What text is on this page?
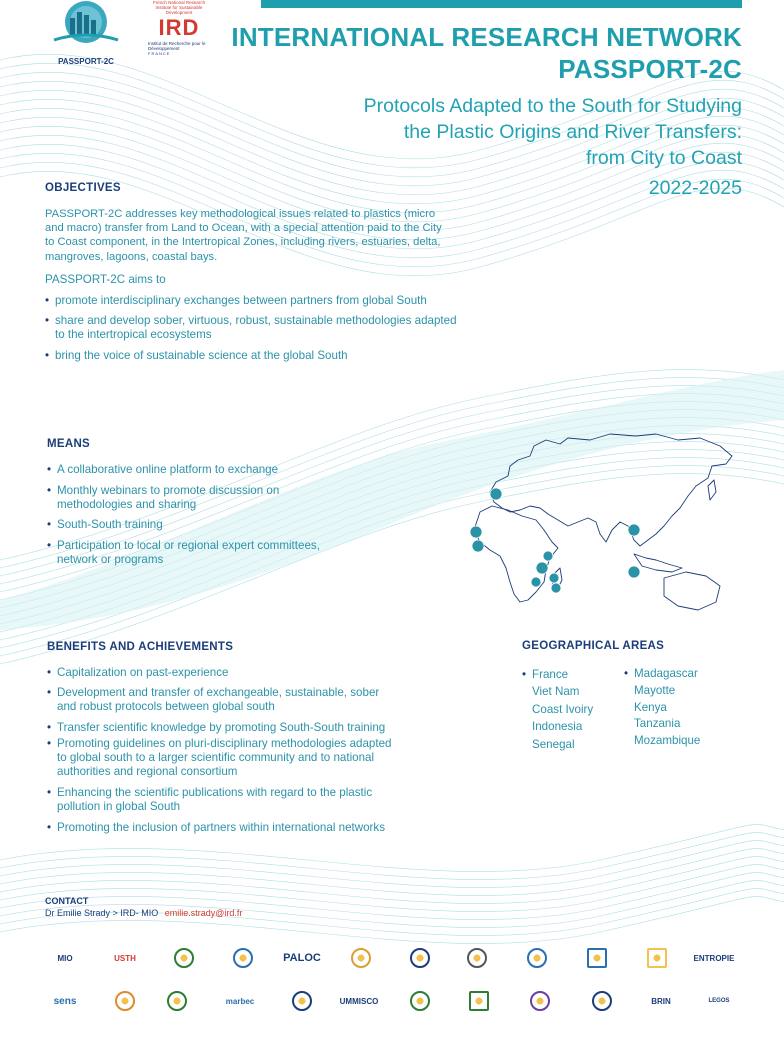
PASSPORT-2C
French National Research Institute for Sustainable Development
IRD
Institut de Recherche pour le Développement
FRANCE
INTERNATIONAL RESEARCH NETWORK
PASSPORT-2C
Protocols Adapted to the South for Studying
the Plastic Origins and River Transfers:
from City to Coast
2022-2025
OBJECTIVES
PASSPORT-2C addresses key methodological issues related to plastics (micro
and macro) transfer from Land to Ocean, with a special attention paid to the City
to Coast component, in the Intertropical Zones, including rivers, estuaries, delta,
mangroves, lagoons, coastal bays.
PASSPORT-2C aims to
• promote interdisciplinary exchanges between partners from global South
• share and develop sober, virtuous, robust, sustainable methodologies adapted
to the intertropical ecosystems
• bring the voice of sustainable science at the global South
MEANS
• A collaborative online platform to exchange
• Monthly webinars to promote discussion on
methodologies and sharing
• South-South training
• Participation to local or regional expert committees,
network or programs
BENEFITS AND ACHIEVEMENTS
• Capitalization on past-experience
• Development and transfer of exchangeable, sustainable, sober
and robust protocols between global south
• Transfer scientific knowledge by promoting South-South training
• Promoting guidelines on pluri-disciplinary methodologies adapted
to global south to a larger scientific community and to national
authorities and regional consortium
• Enhancing the scientific publications with regard to the plastic
pollution in global South
• Promoting the inclusion of partners within international networks
GEOGRAPHICAL AREAS
• France
Viet Nam
Coast Ivoiry
Indonesia
Senegal
• Madagascar
Mayotte
Kenya
Tanzania
Mozambique
CONTACT
Dr Emilie Strady > IRD- MIO emilie.strady@ird.fr
MIO	USTH	PALOC	ENTROPIE
sens	marbec	UMMISCO	BRIN	LEGOS
